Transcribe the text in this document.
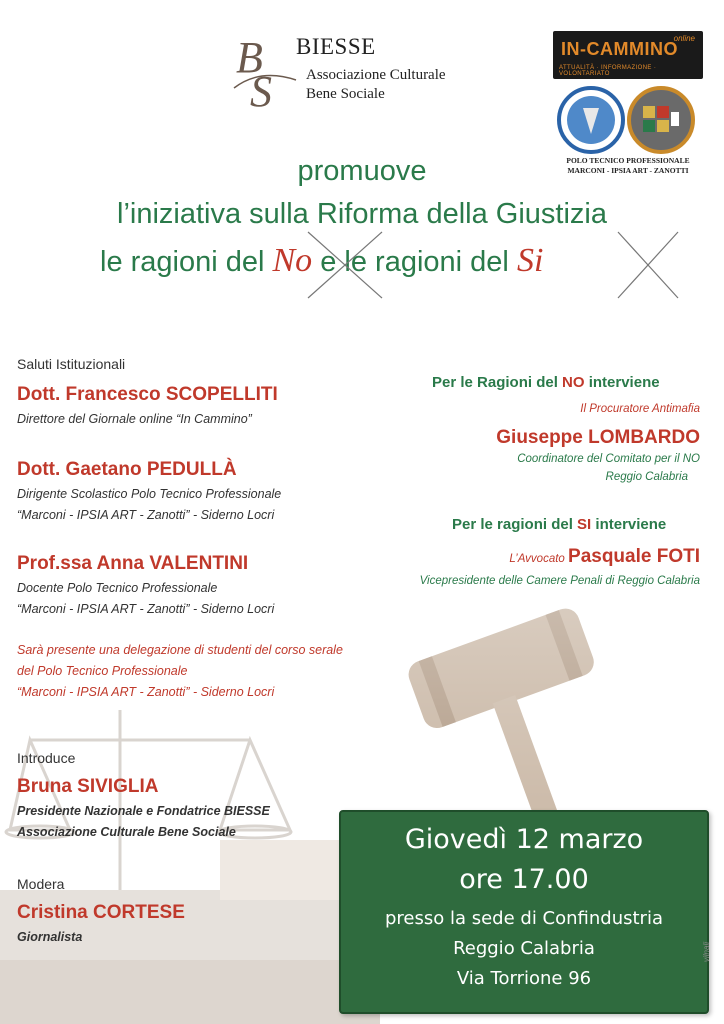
B
S
BIESSE
Associazione Culturale
Bene Sociale
IN-CAMMINO
online
ATTUALITÀ · INFORMAZIONE · VOLONTARIATO
POLO TECNICO PROFESSIONALE
MARCONI - IPSIA ART - ZANOTTI
promuove
l’iniziativa sulla Riforma della Giustizia
le ragioni del No e le ragioni del Si
Saluti Istituzionali
Dott. Francesco SCOPELLITI
Direttore del Giornale online “In Cammino”
Dott. Gaetano PEDULLÀ
Dirigente Scolastico Polo Tecnico Professionale
“Marconi - IPSIA ART - Zanotti” - Siderno Locri
Prof.ssa Anna VALENTINI
Docente Polo Tecnico Professionale
“Marconi - IPSIA ART - Zanotti” - Siderno Locri
Sarà presente una delegazione di studenti del corso serale
del Polo Tecnico Professionale
“Marconi - IPSIA ART - Zanotti” - Siderno Locri
Introduce
Bruna SIVIGLIA
Presidente Nazionale e Fondatrice BIESSE
Associazione Culturale Bene Sociale
Modera
Cristina CORTESE
Giornalista
Per le Ragioni del NO interviene
Il Procuratore Antimafia
Giuseppe LOMBARDO
Coordinatore del Comitato per il NO
Reggio Calabria
Per le ragioni del SI interviene
L’Avvocato Pasquale FOTI
Vicepresidente delle Camere Penali di Reggio Calabria
Giovedì 12 marzo
ore 17.00
presso la sede di Confindustria
Reggio Calabria
Via Torrione 96
vilnali
